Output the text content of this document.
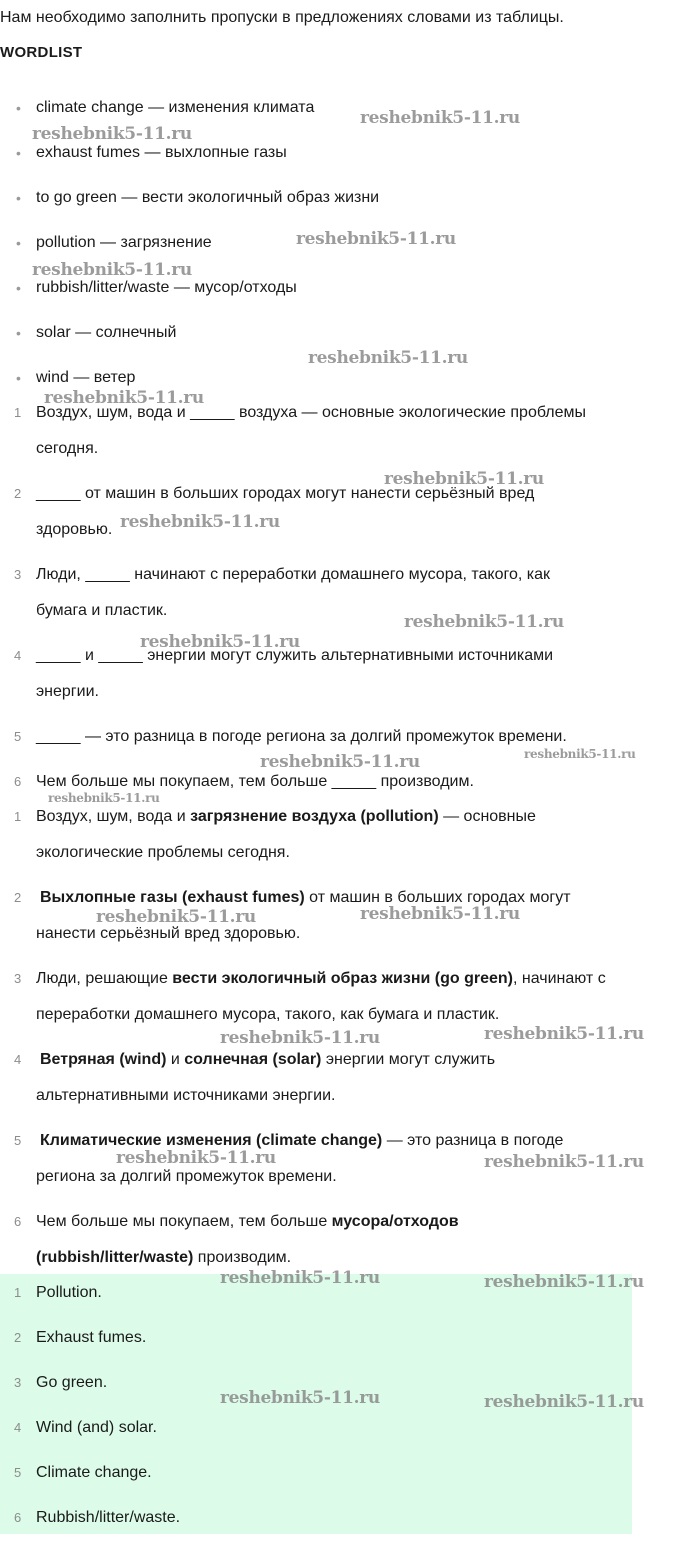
Нам необходимо заполнить пропуски в предложениях словами из таблицы.
WORDLIST
• climate change — изменения климата
• exhaust fumes — выхлопные газы
• to go green — вести экологичный образ жизни
• pollution — загрязнение
• rubbish/litter/waste — мусор/отходы
• solar — солнечный
• wind — ветер
1 Воздух, шум, вода и _____ воздуха — основные экологические проблемы
сегодня.
2 _____ от машин в больших городах могут нанести серьёзный вред
здоровью.
3 Люди, _____ начинают с переработки домашнего мусора, такого, как
бумага и пластик.
4 _____ и _____ энергии могут служить альтернативными источниками
энергии.
5 _____ — это разница в погоде региона за долгий промежуток времени.
6 Чем больше мы покупаем, тем больше _____ производим.
1 Воздух, шум, вода и загрязнение воздуха (pollution) — основные
экологические проблемы сегодня.
2	Выхлопные газы (exhaust fumes) от машин в больших городах могут
нанести серьёзный вред здоровью.
3 Люди, решающие вести экологичный образ жизни (go green), начинают с
переработки домашнего мусора, такого, как бумага и пластик.
4	Ветряная (wind) и солнечная (solar) энергии могут служить
альтернативными источниками энергии.
5	Климатические изменения (climate change) — это разница в погоде
региона за долгий промежуток времени.
6 Чем больше мы покупаем, тем больше мусора/отходов
(rubbish/litter/waste) производим.
1 Pollution.
2 Exhaust fumes.
3 Go green.
4 Wind (and) solar.
5 Climate change.
6 Rubbish/litter/waste.
reshebnik5-11.ru
reshebnik5-11.ru
reshebnik5-11.ru
reshebnik5-11.ru
reshebnik5-11.ru
reshebnik5-11.ru
reshebnik5-11.ru
reshebnik5-11.ru
reshebnik5-11.ru
reshebnik5-11.ru
reshebnik5-11.ru	reshebnik5-11.ru
reshebnik5-11.ru
reshebnik5-11.ru	reshebnik5-11.ru
reshebnik5-11.ru	reshebnik5-11.ru
reshebnik5-11.ru	reshebnik5-11.ru
reshebnik5-11.ru	reshebnik5-11.ru
reshebnik5-11.ru	reshebnik5-11.ru
